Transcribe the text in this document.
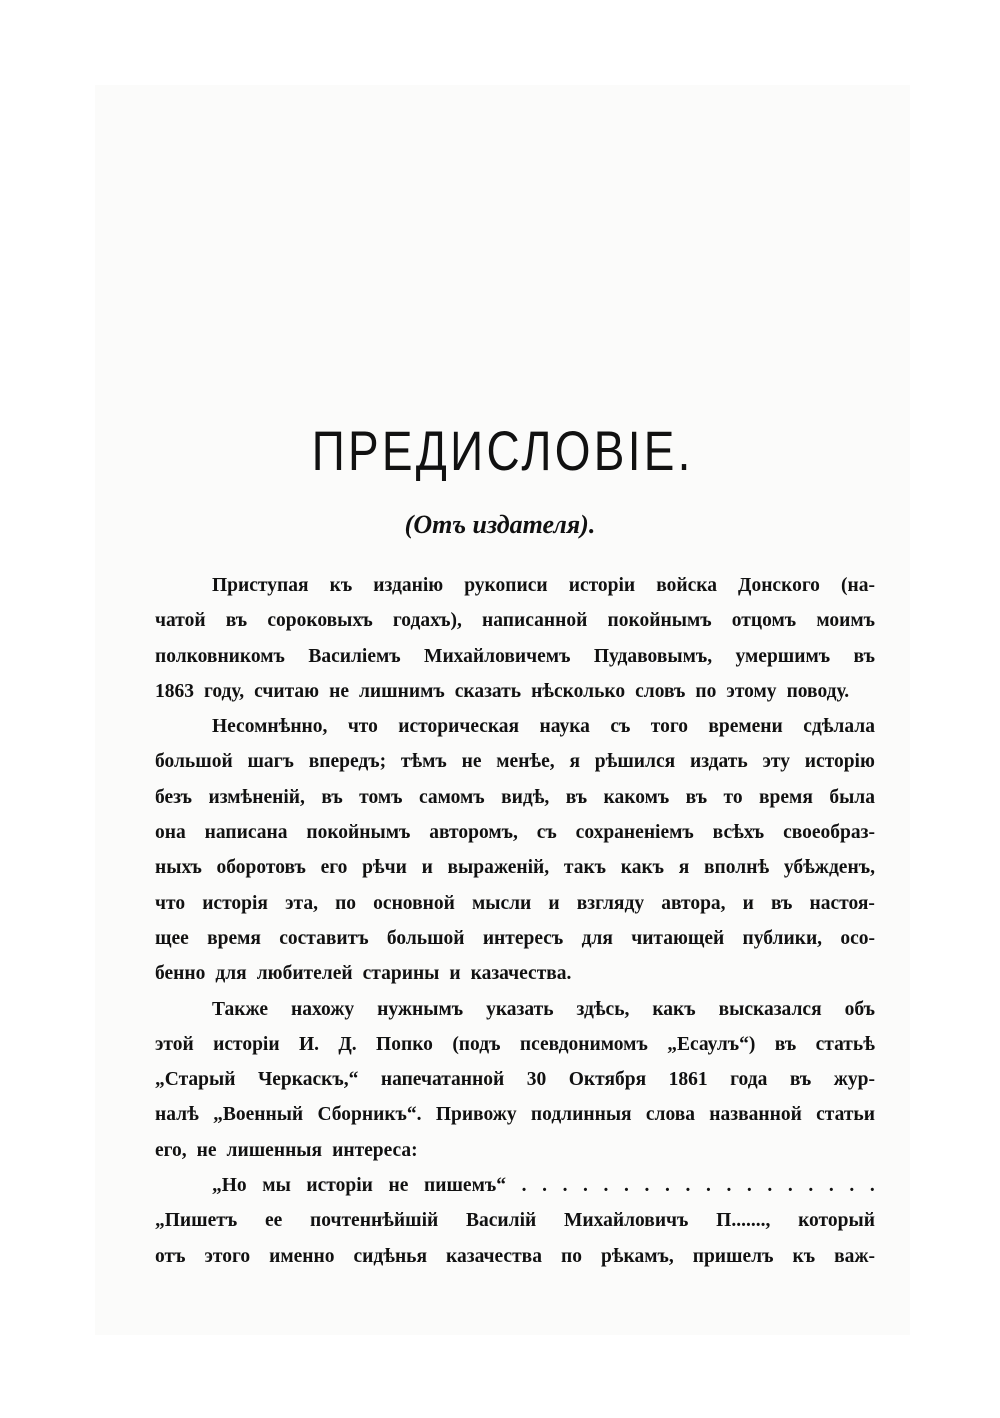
ПРЕДИСЛОВІЕ.
(Отъ издателя).
Приступая къ изданію рукописи исторіи войска Донского (на-
чатой въ сороковыхъ годахъ), написанной покойнымъ отцомъ моимъ
полковникомъ Василіемъ Михайловичемъ Пудавовымъ, умершимъ въ
1863 году, считаю не лишнимъ сказать нѣсколько словъ по этому поводу.
Несомнѣнно, что историческая наука съ того времени сдѣлала
большой шагъ впередъ; тѣмъ не менѣе, я рѣшился издать эту исторію
безъ измѣненій, въ томъ самомъ видѣ, въ какомъ въ то время была
она написана покойнымъ авторомъ, съ сохраненіемъ всѣхъ своеобраз-
ныхъ оборотовъ его рѣчи и выраженій, такъ какъ я вполнѣ убѣжденъ,
что исторія эта, по основной мысли и взгляду автора, и въ настоя-
щее время составитъ большой интересъ для читающей публики, осо-
бенно для любителей старины и казачества.
Также нахожу нужнымъ указать здѣсь, какъ высказался объ
этой исторіи И. Д. Попко (подъ псевдонимомъ „Есаулъ“) въ статьѣ
„Старый Черкаскъ,“ напечатанной 30 Октября 1861 года въ жур-
налѣ „Военный Сборникъ“. Привожу подлинныя слова названной статьи
его, не лишенныя интереса:
„Но мы исторіи не пишемъ“ . . . . . . . . . . . . . . . . . .
„Пишетъ ее почтеннѣйшій Василій Михайловичъ П......., который
отъ этого именно сидѣнья казачества по рѣкамъ, пришелъ къ важ-
